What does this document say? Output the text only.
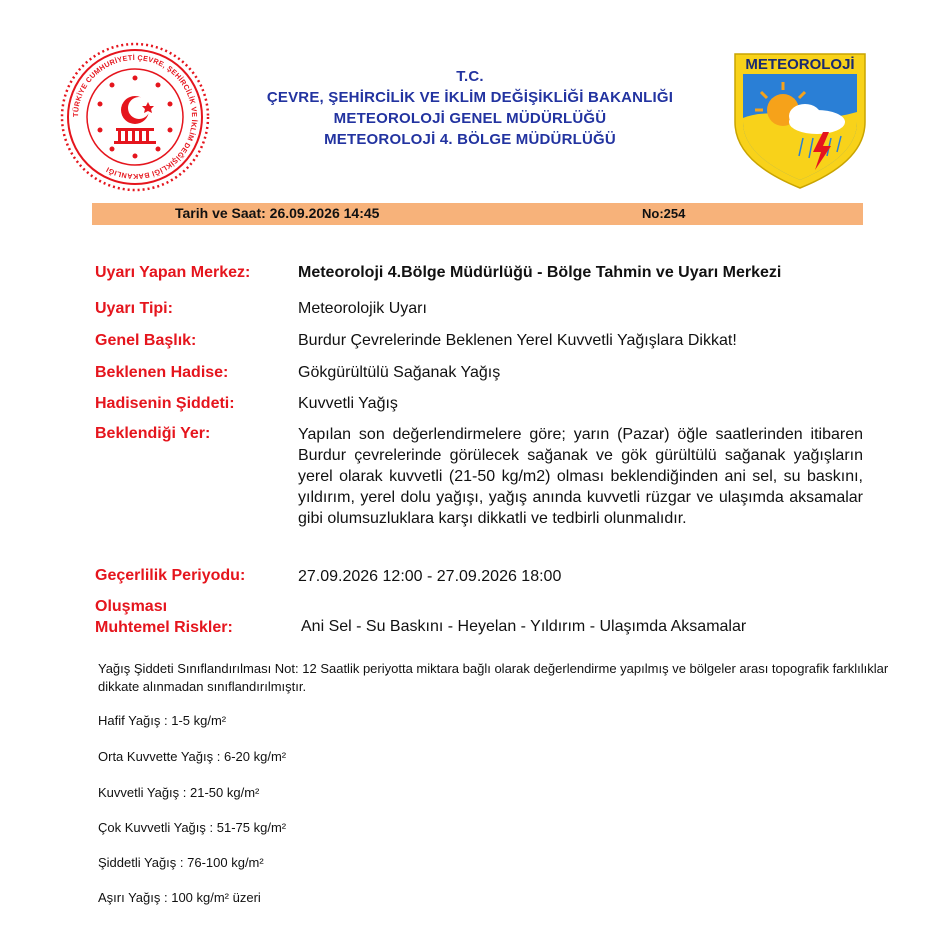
TÜRKİYE CUMHURİYETİ ÇEVRE, ŞEHİRCİLİK VE İKLİM DEĞİŞİKLİĞİ BAKANLIĞI
METEOROLOJİ
T.C.
ÇEVRE, ŞEHİRCİLİK VE İKLİM DEĞİŞİKLİĞİ BAKANLIĞI
METEOROLOJİ GENEL MÜDÜRLÜĞÜ
METEOROLOJİ 4. BÖLGE MÜDÜRLÜĞÜ
Tarih ve Saat: 26.09.2026 14:45	No:254
Uyarı Yapan Merkez:	Meteoroloji 4.Bölge Müdürlüğü - Bölge Tahmin ve Uyarı Merkezi
Uyarı Tipi:	Meteorolojik Uyarı
Genel Başlık:	Burdur Çevrelerinde Beklenen Yerel Kuvvetli Yağışlara Dikkat!
Beklenen Hadise:	Gökgürültülü Sağanak Yağış
Hadisenin Şiddeti:	Kuvvetli Yağış
Beklendiği Yer:	Yapılan son değerlendirmelere göre; yarın (Pazar) öğle saatlerinden itibaren Burdur çevrelerinde görülecek sağanak ve gök gürültülü sağanak yağışların yerel olarak kuvvetli (21-50 kg/m2) olması beklendiğinden ani sel, su baskını, yıldırım, yerel dolu yağışı, yağış anında kuvvetli rüzgar ve ulaşımda aksamalar gibi olumsuzluklara karşı dikkatli ve tedbirli olunmalıdır.
Geçerlilik Periyodu:	27.09.2026 12:00 - 27.09.2026 18:00
Oluşması
Muhtemel Riskler:	Ani Sel - Su Baskını - Heyelan - Yıldırım - Ulaşımda Aksamalar
Yağış Şiddeti Sınıflandırılması Not: 12 Saatlik periyotta miktara bağlı olarak değerlendirme yapılmış ve bölgeler arası topografik farklılıklar dikkate alınmadan sınıflandırılmıştır.
Hafif Yağış : 1-5 kg/m²
Orta Kuvvette Yağış : 6-20 kg/m²
Kuvvetli Yağış : 21-50 kg/m²
Çok Kuvvetli Yağış : 51-75 kg/m²
Şiddetli Yağış : 76-100 kg/m²
Aşırı Yağış : 100 kg/m² üzeri
